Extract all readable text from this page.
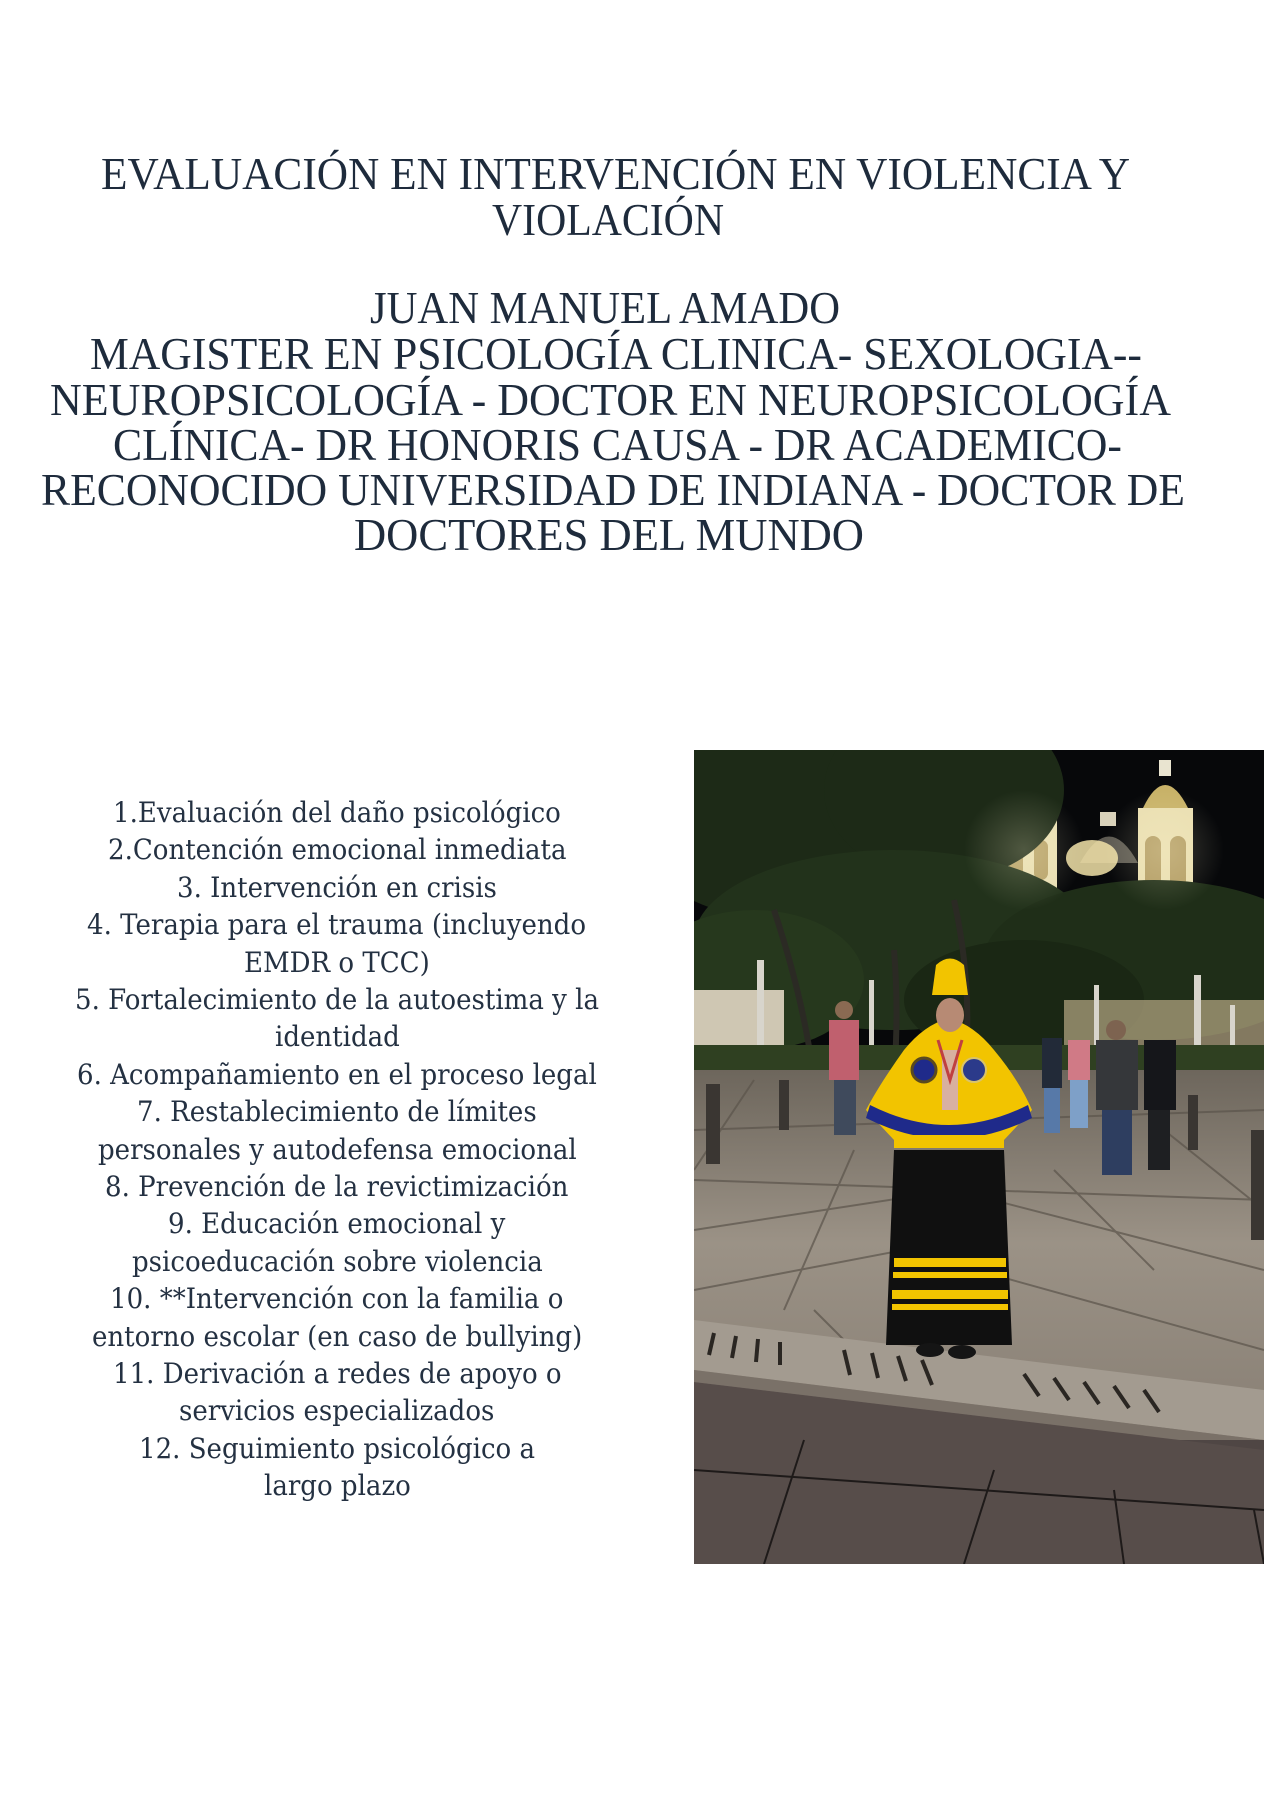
EVALUACIÓN EN INTERVENCIÓN EN VIOLENCIA Y
VIOLACIÓN
JUAN MANUEL AMADO
MAGISTER EN PSICOLOGÍA CLINICA- SEXOLOGIA--
NEUROPSICOLOGÍA - DOCTOR EN NEUROPSICOLOGÍA
CLÍNICA- DR HONORIS CAUSA - DR ACADEMICO-
RECONOCIDO UNIVERSIDAD DE INDIANA - DOCTOR DE
DOCTORES DEL MUNDO
1.Evaluación del daño psicológico
2.Contención emocional inmediata
3. Intervención en crisis
4. Terapia para el trauma (incluyendo
EMDR o TCC)
5. Fortalecimiento de la autoestima y la
identidad
6. Acompañamiento en el proceso legal
7. Restablecimiento de límites
personales y autodefensa emocional
8. Prevención de la revictimización
9. Educación emocional y
psicoeducación sobre violencia
10. **Intervención con la familia o
entorno escolar (en caso de bullying)
11. Derivación a redes de apoyo o
servicios especializados
12. Seguimiento psicológico a
largo plazo
